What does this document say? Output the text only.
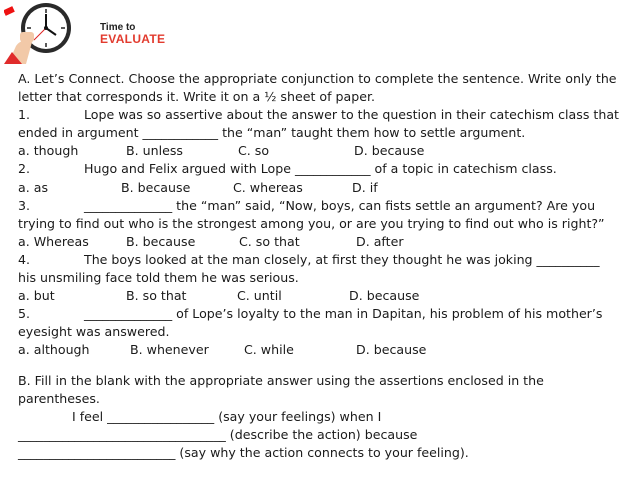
Time to
EVALUATE
A. Let’s Connect. Choose the appropriate conjunction to complete the sentence. Write only the
letter that corresponds it. Write it on a ½ sheet of paper.
1.	Lope was so assertive about the answer to the question in their catechism class that
ended in argument ____________ the “man” taught them how to settle argument.
a. though	B. unless	C. so	D. because
2.	Hugo and Felix argued with Lope ____________ of a topic in catechism class.
a. as	B. because	C. whereas	D. if
3.	______________ the “man” said, “Now, boys, can fists settle an argument? Are you
trying to find out who is the strongest among you, or are you trying to find out who is right?”
a. Whereas	B. because	C. so that	D. after
4.	The boys looked at the man closely, at first they thought he was joking __________
his unsmiling face told them he was serious.
a. but	B. so that	C. until	D. because
5.	______________ of Lope’s loyalty to the man in Dapitan, his problem of his mother’s
eyesight was answered.
a. although	B. whenever	C. while	D. because
B. Fill in the blank with the appropriate answer using the assertions enclosed in the
parentheses.
I feel _________________ (say your feelings) when I
_________________________________ (describe the action) because
_________________________ (say why the action connects to your feeling).
